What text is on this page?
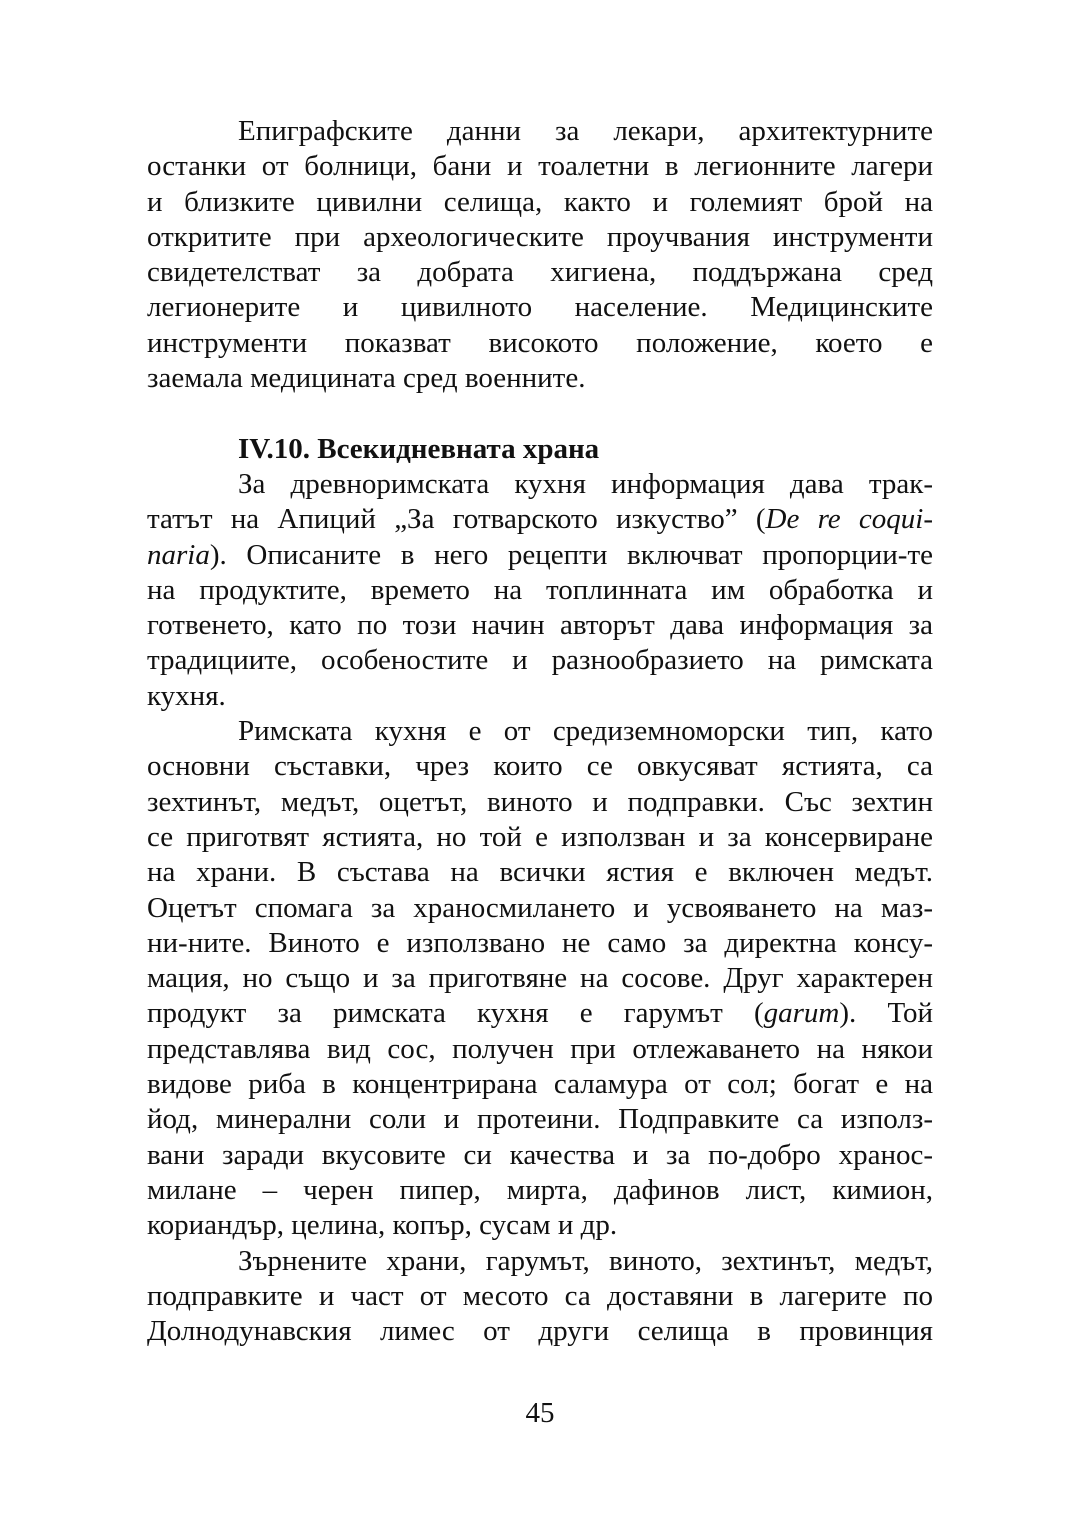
Епиграфските данни за лекари, архитектурните
останки от болници, бани и тоалетни в легионните лагери
и близките цивилни селища, както и големият брой на
откритите при археологическите проучвания инструменти
свидетелстват за добрата хигиена, поддържана сред
легионерите и цивилното население. Медицинските
инструменти показват високото положение, което е
заемала медицината сред военните.
IV.10. Всекидневната храна
За древноримската кухня информация дава трак-
татът на Апиций „За готварското изкуство” (De re coqui-
naria). Описаните в него рецепти включват пропорции-те
на продуктите, времето на топлинната им обработка и
готвенето, като по този начин авторът дава информация за
традициите, особеностите и разнообразието на римската
кухня.
Римската кухня е от средиземноморски тип, като
основни съставки, чрез които се овкусяват ястията, са
зехтинът, медът, оцетът, виното и подправки. Със зехтин
се приготвят ястията, но той е използван и за консервиране
на храни. В състава на всички ястия е включен медът.
Оцетът спомага за храносмилането и усвояването на маз-
ни-ните. Виното е използвано не само за директна консу-
мация, но също и за приготвяне на сосове. Друг характерен
продукт за римската кухня е гарумът (garum). Той
представлява вид сос, получен при отлежаването на някои
видове риба в концентрирана саламура от сол; богат е на
йод, минерални соли и протеини. Подправките са използ-
вани заради вкусовите си качества и за по-добро храноc-
милане – черен пипер, мирта, дафинов лист, кимион,
кориандър, целина, копър, сусам и др.
Зърнените храни, гарумът, виното, зехтинът, медът,
подправките и част от месото са доставяни в лагерите по
Долнодунавския лимес от други селища в провинция
45
